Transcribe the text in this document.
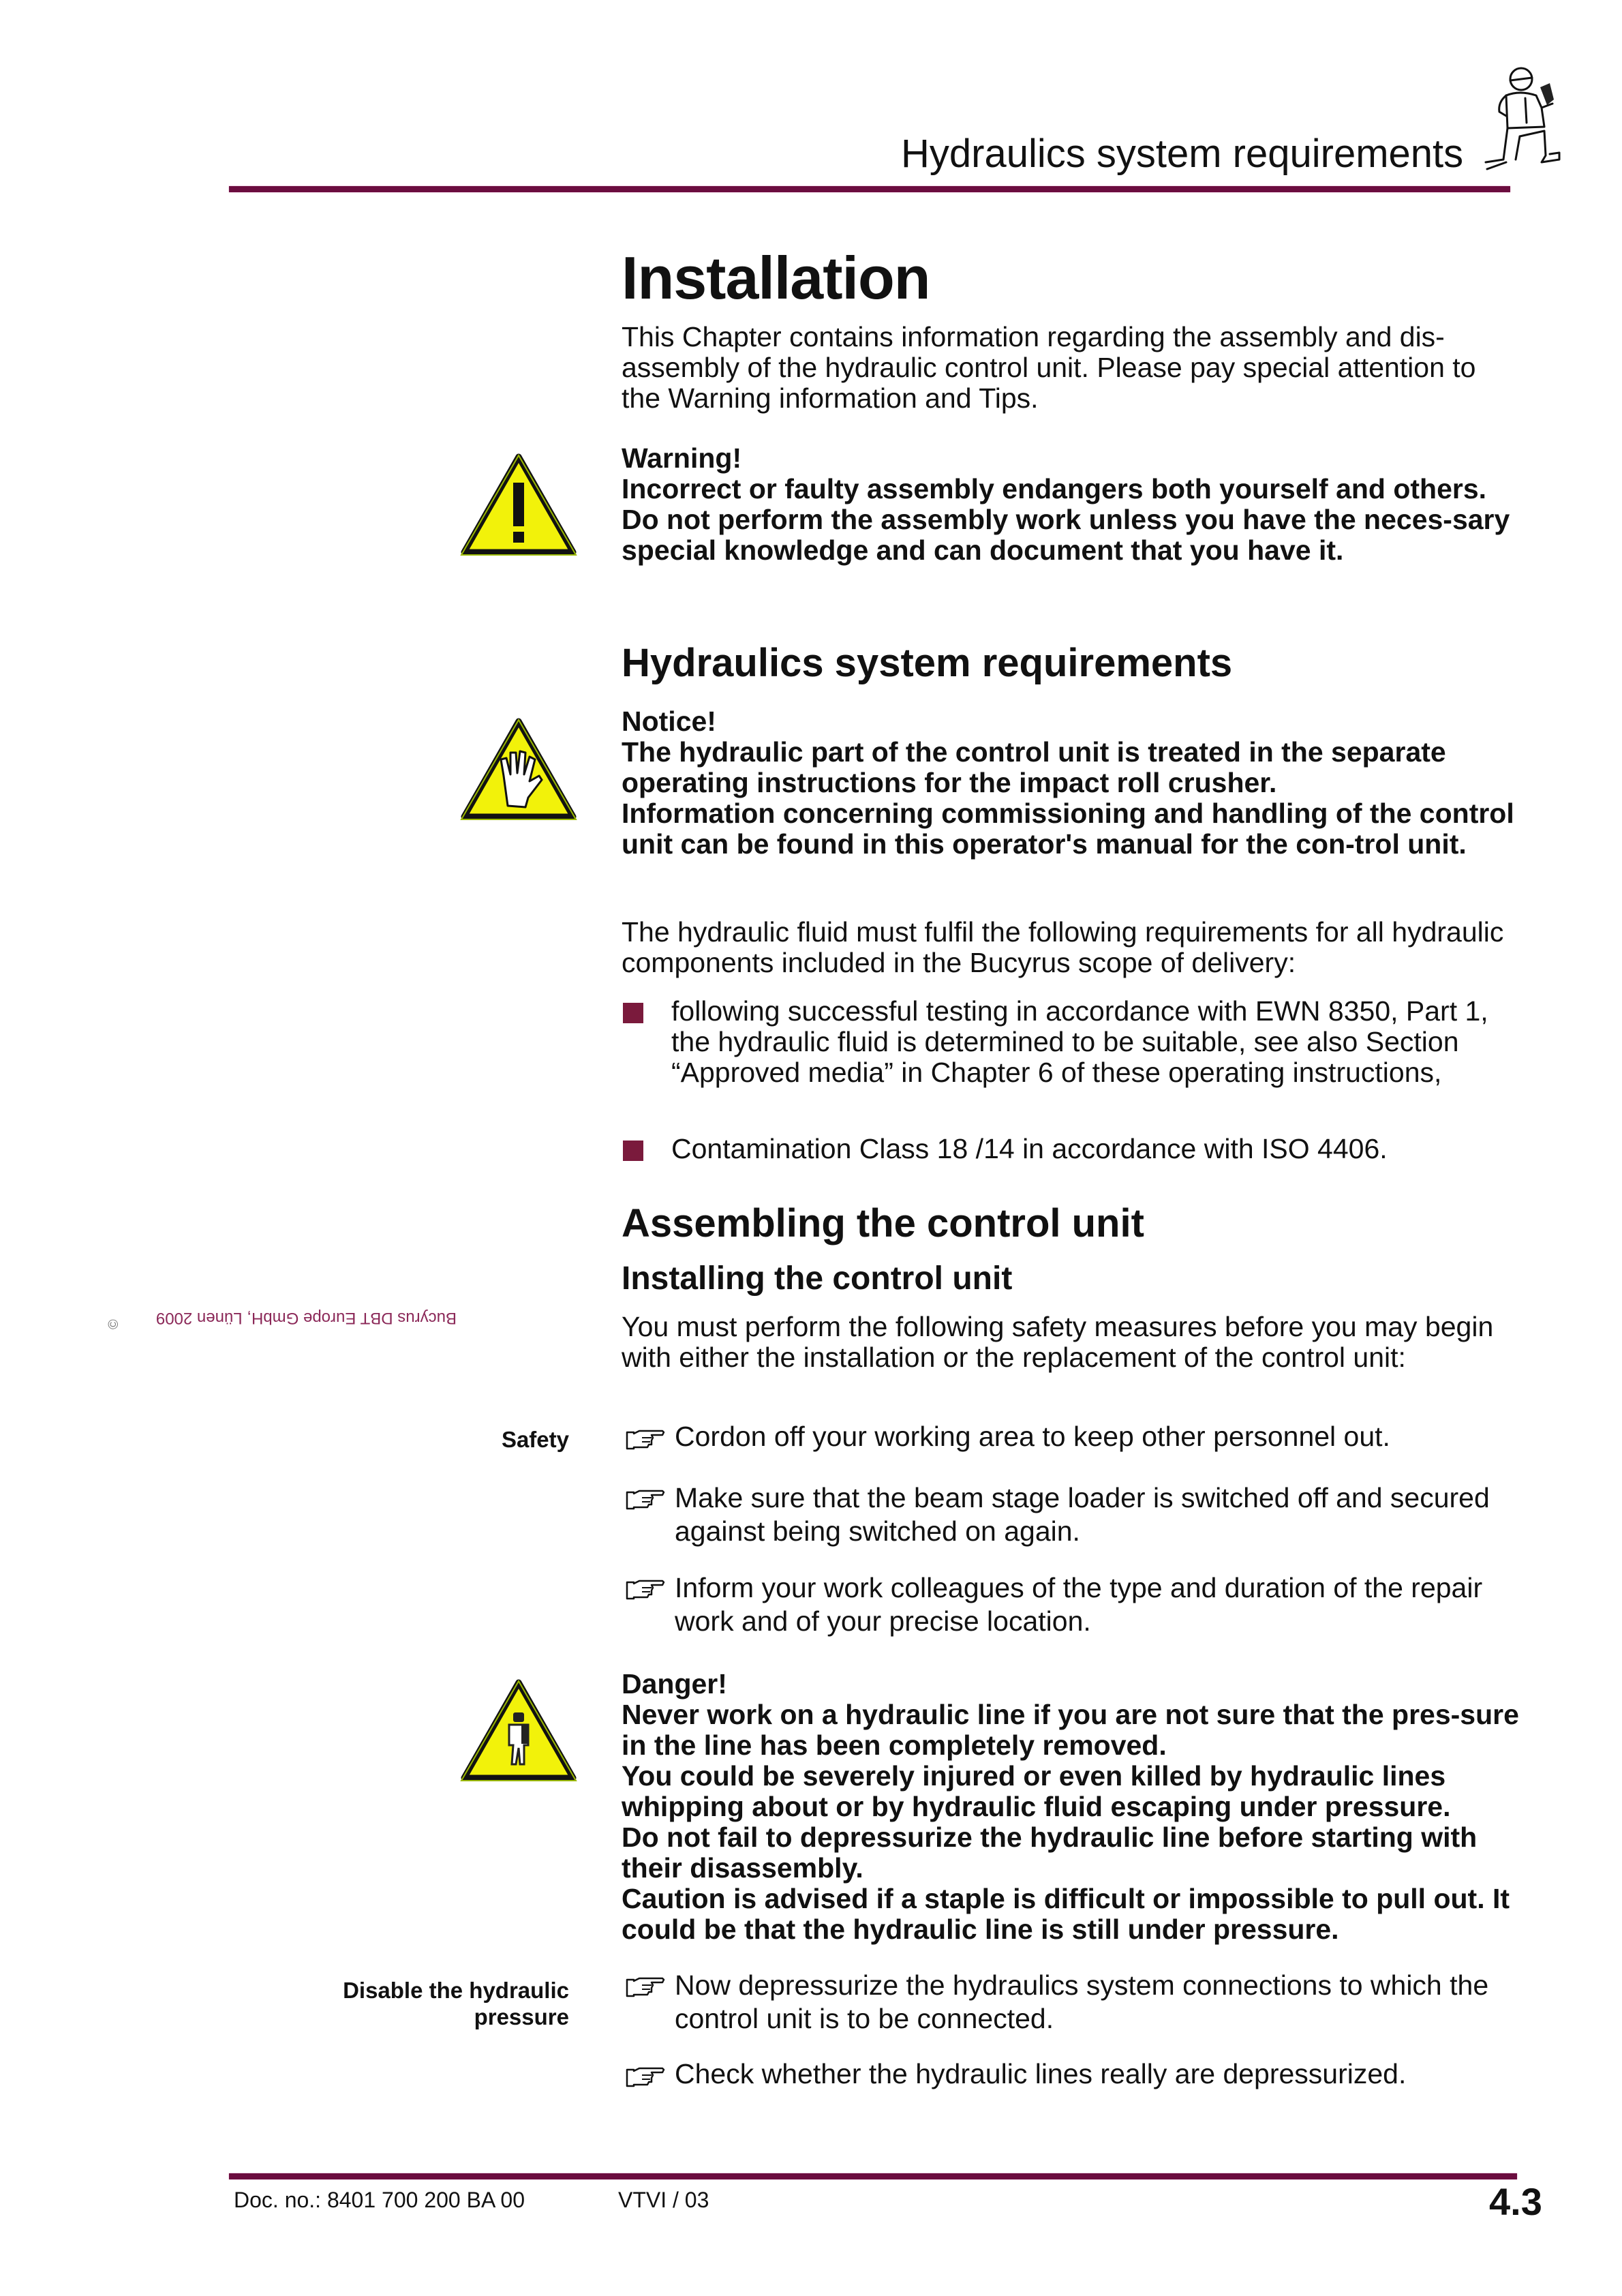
Hydraulics system requirements
Bucyrus DBT Europe GmbH, Lünen 2009
©
Installation

This Chapter contains information regarding the assembly and dis-assembly of the hydraulic control unit. Please pay special attention to the Warning information and Tips.

Warning!
Incorrect or faulty assembly endangers both yourself and others.
Do not perform the assembly work unless you have the neces-sary special knowledge and can document that you have it.
Hydraulics system requirements
Notice!
The hydraulic part of the control unit is treated in the separate operating instructions for the impact roll crusher.
Information concerning commissioning and handling of the control unit can be found in this operator's manual for the con-trol unit.

The hydraulic fluid must fulfil the following requirements for all hydraulic components included in the Bucyrus scope of delivery:

following successful testing in accordance with EWN 8350, Part 1, the hydraulic fluid is determined to be suitable, see also Section “Approved media” in Chapter 6 of these operating instructions,
Contamination Class 18 /14 in accordance with ISO 4406.
Assembling the control unit
Installing the control unit

You must perform the following safety measures before you may begin with either the installation or the replacement of the control unit:

Safety	Cordon off your working area to keep other personnel out.
Make sure that the beam stage loader is switched off and secured against being switched on again.
Inform your work colleagues of the type and duration of the repair work and of your precise location.
Danger!
Never work on a hydraulic line if you are not sure that the pres-sure in the line has been completely removed.
You could be severely injured or even killed by hydraulic lines whipping about or by hydraulic fluid escaping under pressure.
Do not fail to depressurize the hydraulic line before starting with their disassembly.
Caution is advised if a staple is difficult or impossible to pull out. It could be that the hydraulic line is still under pressure.
Disable the hydraulic pressure
Now depressurize the hydraulics system connections to which the control unit is to be connected.
Check whether the hydraulic lines really are depressurized.
Doc. no.: 8401 700 200 BA 00	VTVI / 03	4.3
